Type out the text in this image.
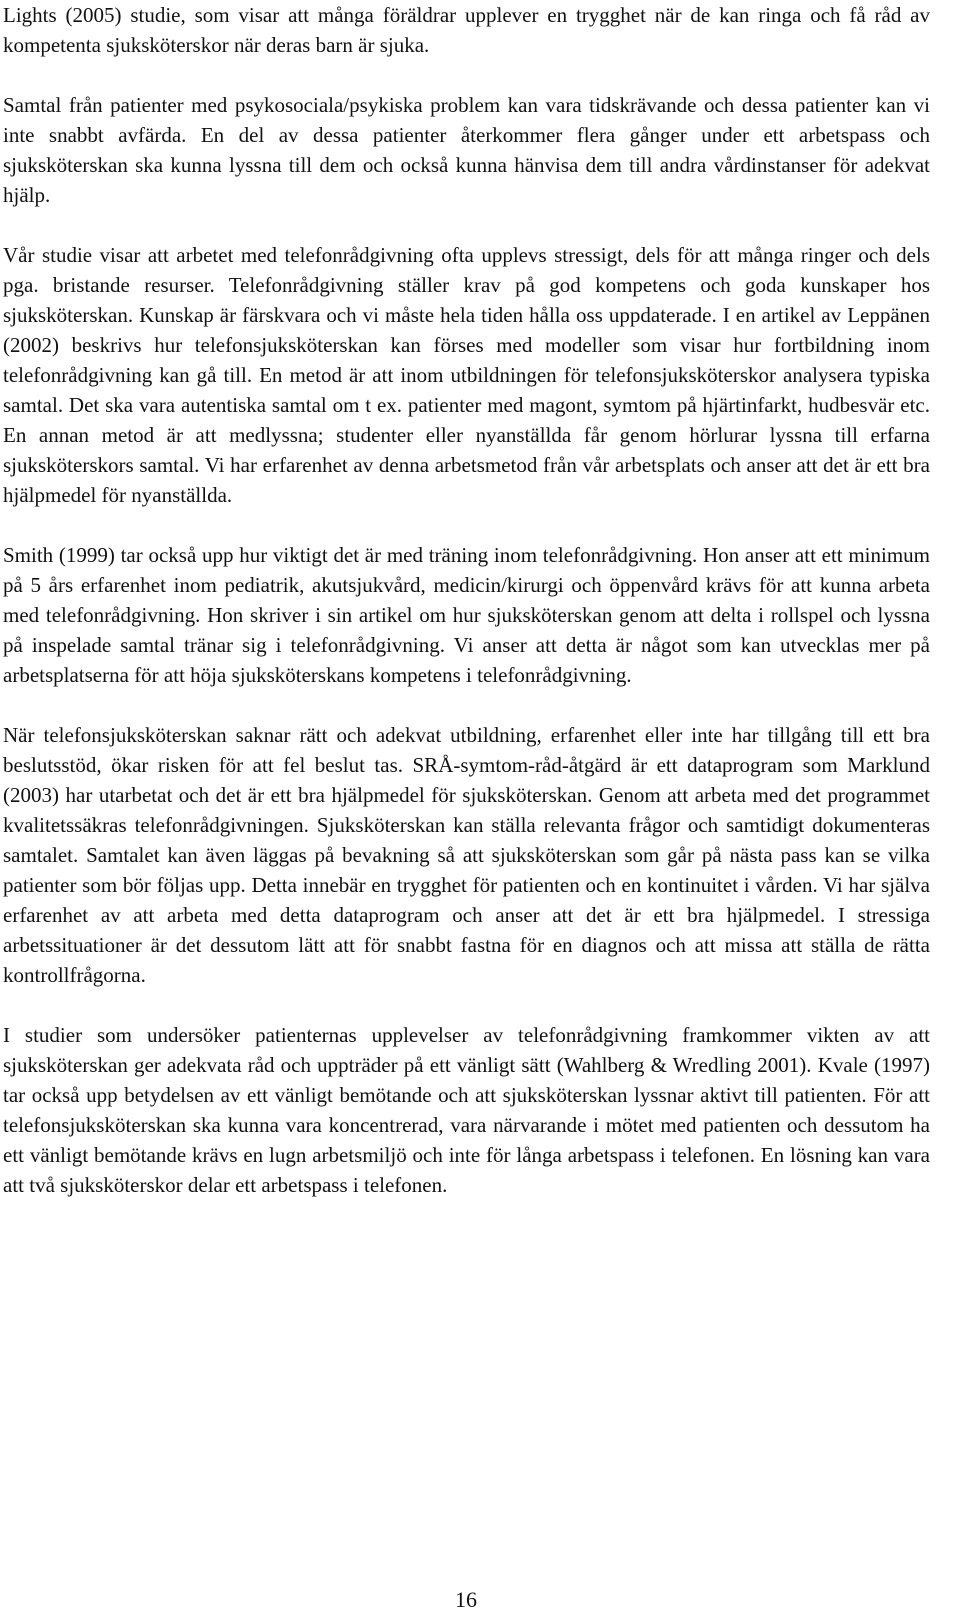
Lights (2005) studie, som visar att många föräldrar upplever en trygghet när de kan ringa och få råd av kompetenta sjuksköterskor när deras barn är sjuka.

Samtal från patienter med psykosociala/psykiska problem kan vara tidskrävande och dessa patienter kan vi inte snabbt avfärda. En del av dessa patienter återkommer flera gånger under ett arbetspass och sjuksköterskan ska kunna lyssna till dem och också kunna hänvisa dem till andra vårdinstanser för adekvat hjälp.

Vår studie visar att arbetet med telefonrådgivning ofta upplevs stressigt, dels för att många ringer och dels pga. bristande resurser. Telefonrådgivning ställer krav på god kompetens och goda kunskaper hos sjuksköterskan. Kunskap är färskvara och vi måste hela tiden hålla oss uppdaterade. I en artikel av Leppänen (2002) beskrivs hur telefonsjuksköterskan kan förses med modeller som visar hur fortbildning inom telefonrådgivning kan gå till. En metod är att inom utbildningen för telefonsjuksköterskor analysera typiska samtal. Det ska vara autentiska samtal om t ex. patienter med magont, symtom på hjärtinfarkt, hudbesvär etc. En annan metod är att medlyssna; studenter eller nyanställda får genom hörlurar lyssna till erfarna sjuksköterskors samtal. Vi har erfarenhet av denna arbetsmetod från vår arbetsplats och anser att det är ett bra hjälpmedel för nyanställda.

Smith (1999) tar också upp hur viktigt det är med träning inom telefonrådgivning. Hon anser att ett minimum på 5 års erfarenhet inom pediatrik, akutsjukvård, medicin/kirurgi och öppenvård krävs för att kunna arbeta med telefonrådgivning. Hon skriver i sin artikel om hur sjuksköterskan genom att delta i rollspel och lyssna på inspelade samtal tränar sig i telefonrådgivning. Vi anser att detta är något som kan utvecklas mer på arbetsplatserna för att höja sjuksköterskans kompetens i telefonrådgivning.

När telefonsjuksköterskan saknar rätt och adekvat utbildning, erfarenhet eller inte har tillgång till ett bra beslutsstöd, ökar risken för att fel beslut tas. SRÅ-symtom-råd-åtgärd är ett dataprogram som Marklund (2003) har utarbetat och det är ett bra hjälpmedel för sjuksköterskan. Genom att arbeta med det programmet kvalitetssäkras telefonrådgivningen. Sjuksköterskan kan ställa relevanta frågor och samtidigt dokumenteras samtalet. Samtalet kan även läggas på bevakning så att sjuksköterskan som går på nästa pass kan se vilka patienter som bör följas upp. Detta innebär en trygghet för patienten och en kontinuitet i vården. Vi har själva erfarenhet av att arbeta med detta dataprogram och anser att det är ett bra hjälpmedel. I stressiga arbetssituationer är det dessutom lätt att för snabbt fastna för en diagnos och att missa att ställa de rätta kontrollfrågorna.

I studier som undersöker patienternas upplevelser av telefonrådgivning framkommer vikten av att sjuksköterskan ger adekvata råd och uppträder på ett vänligt sätt (Wahlberg & Wredling 2001). Kvale (1997) tar också upp betydelsen av ett vänligt bemötande och att sjuksköterskan lyssnar aktivt till patienten. För att telefonsjuksköterskan ska kunna vara koncentrerad, vara närvarande i mötet med patienten och dessutom ha ett vänligt bemötande krävs en lugn arbetsmiljö och inte för långa arbetspass i telefonen. En lösning kan vara att två sjuksköterskor delar ett arbetspass i telefonen.

16
